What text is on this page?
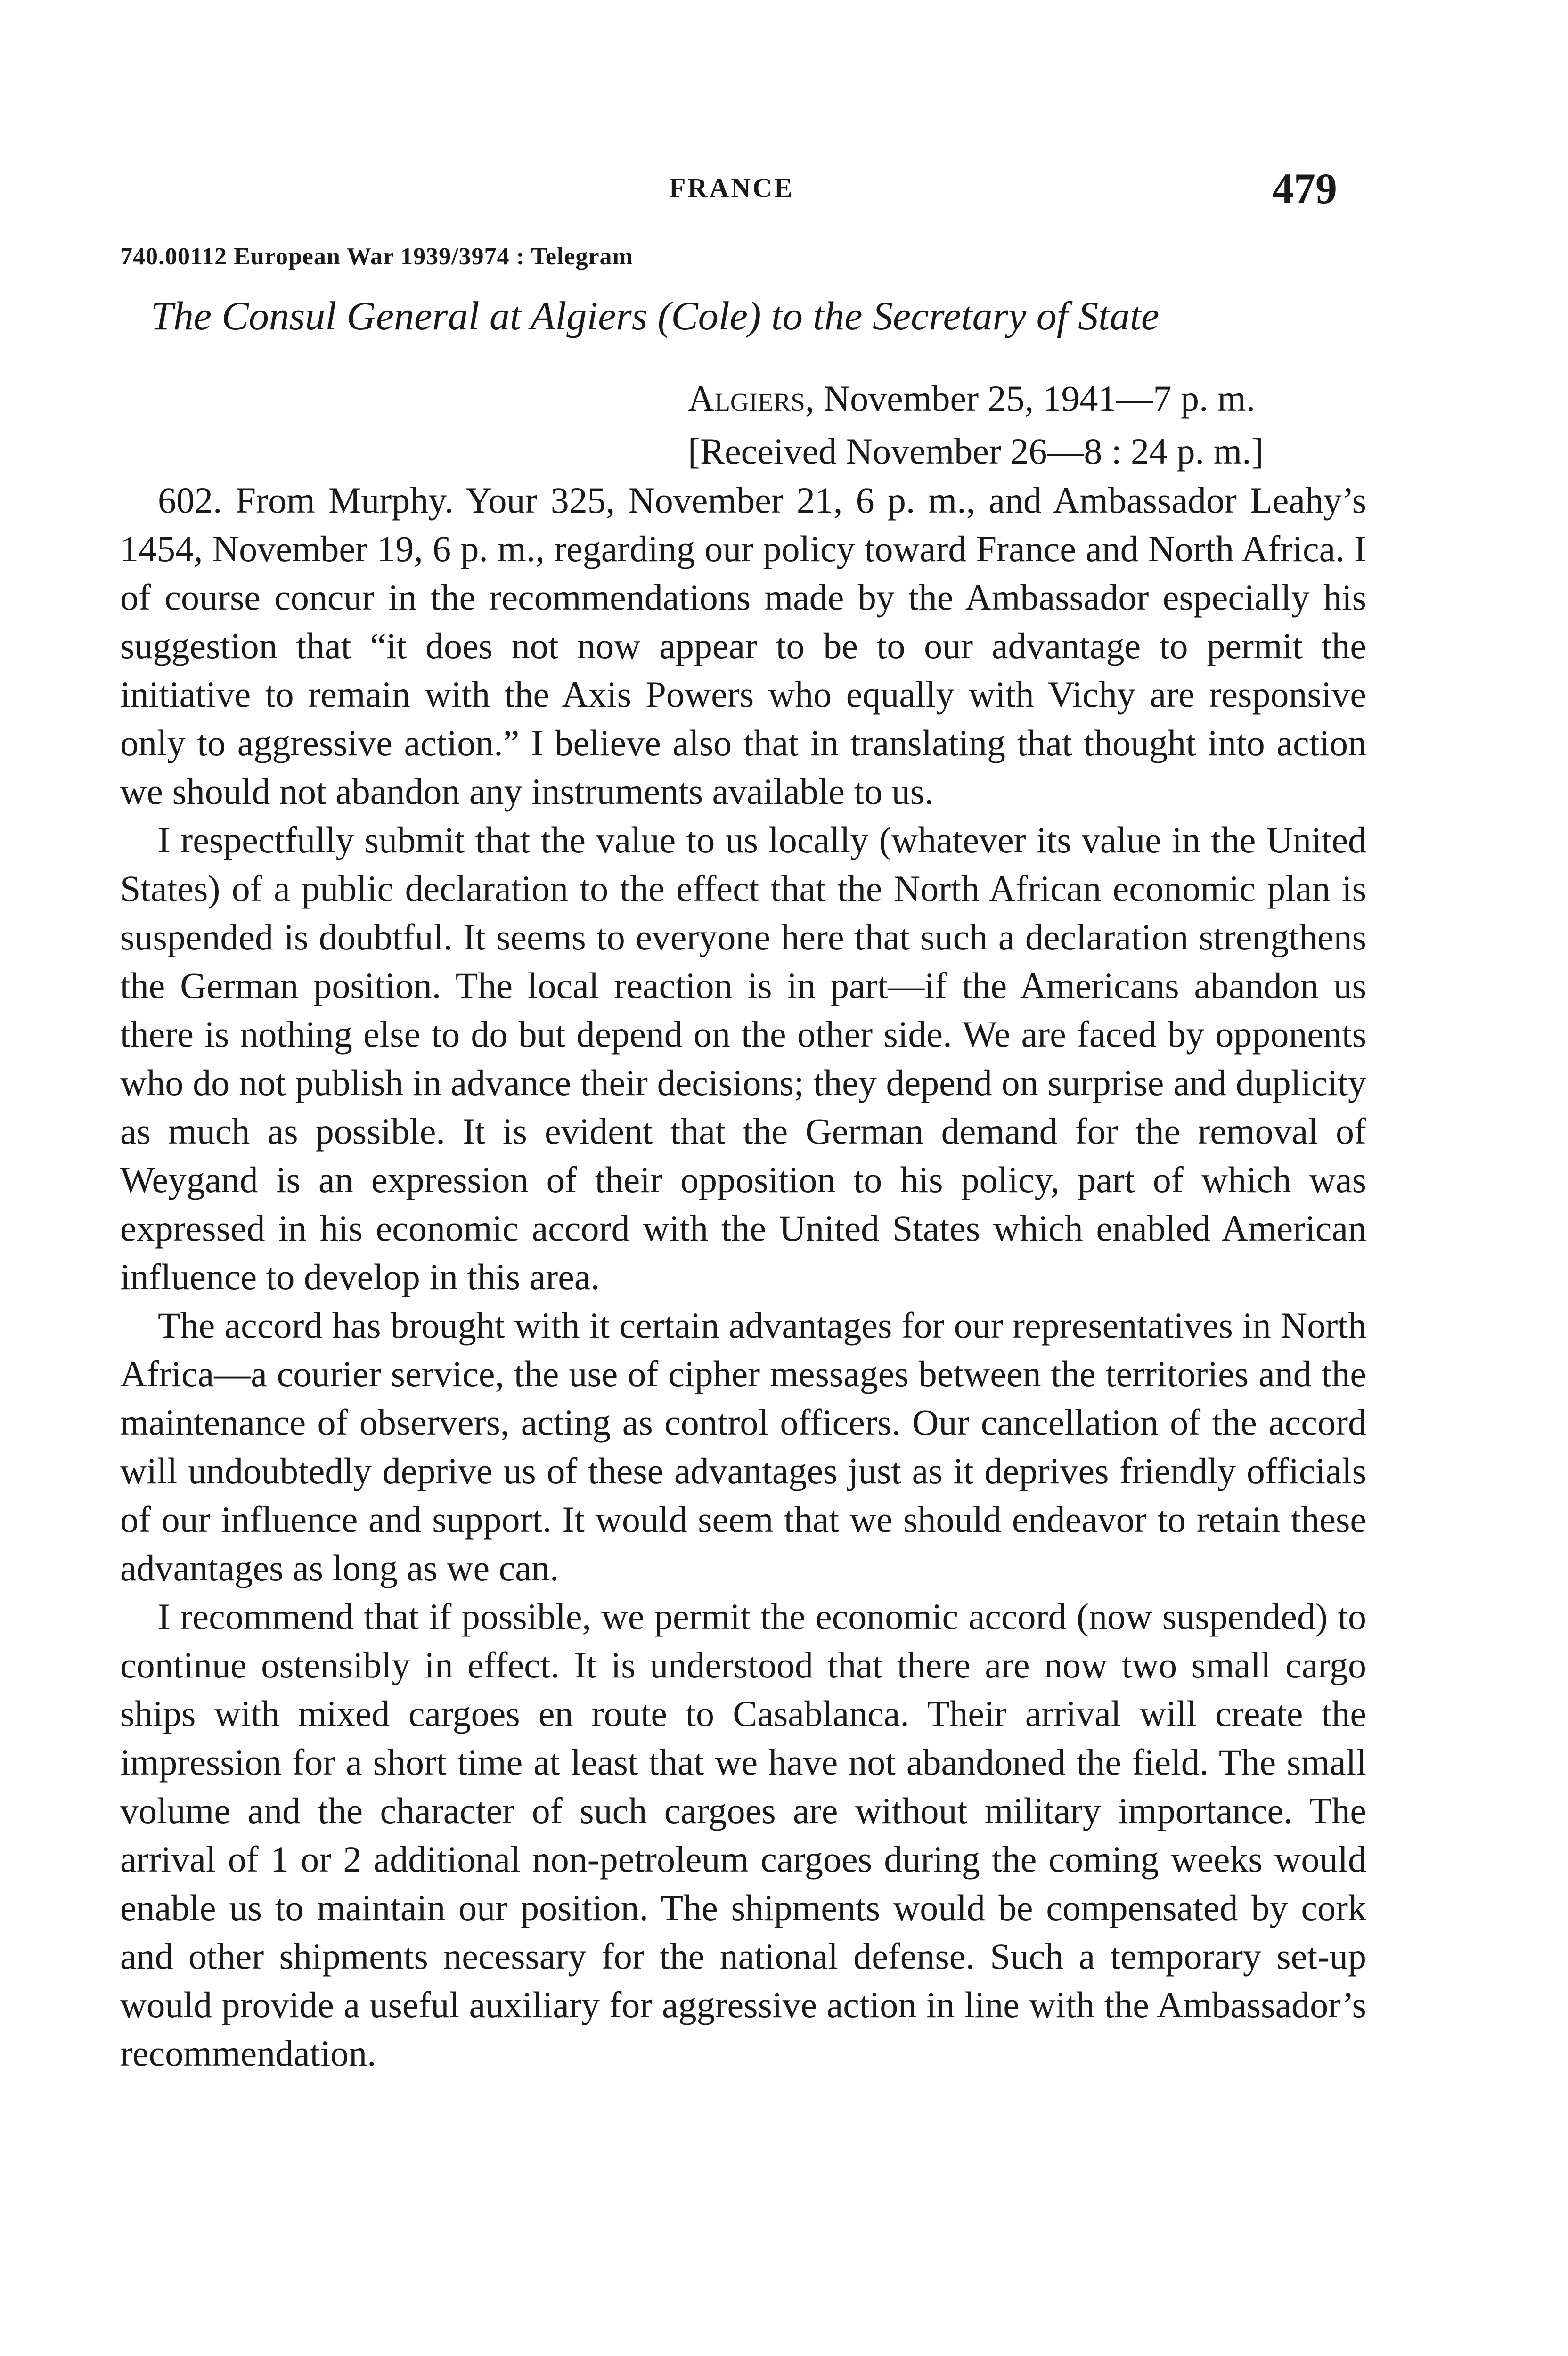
FRANCE	479
740.00112 European War 1939/3974 : Telegram
The Consul General at Algiers (Cole) to the Secretary of State
Algiers, November 25, 1941—7 p. m.
[Received November 26—8 : 24 p. m.]

602. From Murphy. Your 325, November 21, 6 p. m., and Ambassador Leahy’s 1454, November 19, 6 p. m., regarding our policy toward France and North Africa. I of course concur in the recommendations made by the Ambassador especially his suggestion that “it does not now appear to be to our advantage to permit the initiative to remain with the Axis Powers who equally with Vichy are responsive only to aggressive action.” I believe also that in translating that thought into action we should not abandon any instruments available to us.

I respectfully submit that the value to us locally (whatever its value in the United States) of a public declaration to the effect that the North African economic plan is suspended is doubtful. It seems to everyone here that such a declaration strengthens the German position. The local reaction is in part—if the Americans abandon us there is nothing else to do but depend on the other side. We are faced by opponents who do not publish in advance their decisions; they depend on surprise and duplicity as much as possible. It is evident that the German demand for the removal of Weygand is an expression of their opposition to his policy, part of which was expressed in his economic accord with the United States which enabled American influence to develop in this area.

The accord has brought with it certain advantages for our representatives in North Africa—a courier service, the use of cipher messages between the territories and the maintenance of observers, acting as control officers. Our cancellation of the accord will undoubtedly deprive us of these advantages just as it deprives friendly officials of our influence and support. It would seem that we should endeavor to retain these advantages as long as we can.

I recommend that if possible, we permit the economic accord (now suspended) to continue ostensibly in effect. It is understood that there are now two small cargo ships with mixed cargoes en route to Casablanca. Their arrival will create the impression for a short time at least that we have not abandoned the field. The small volume and the character of such cargoes are without military importance. The arrival of 1 or 2 additional non-petroleum cargoes during the coming weeks would enable us to maintain our position. The shipments would be compensated by cork and other shipments necessary for the national defense. Such a temporary set-up would provide a useful auxiliary for aggressive action in line with the Ambassador’s recommendation.
